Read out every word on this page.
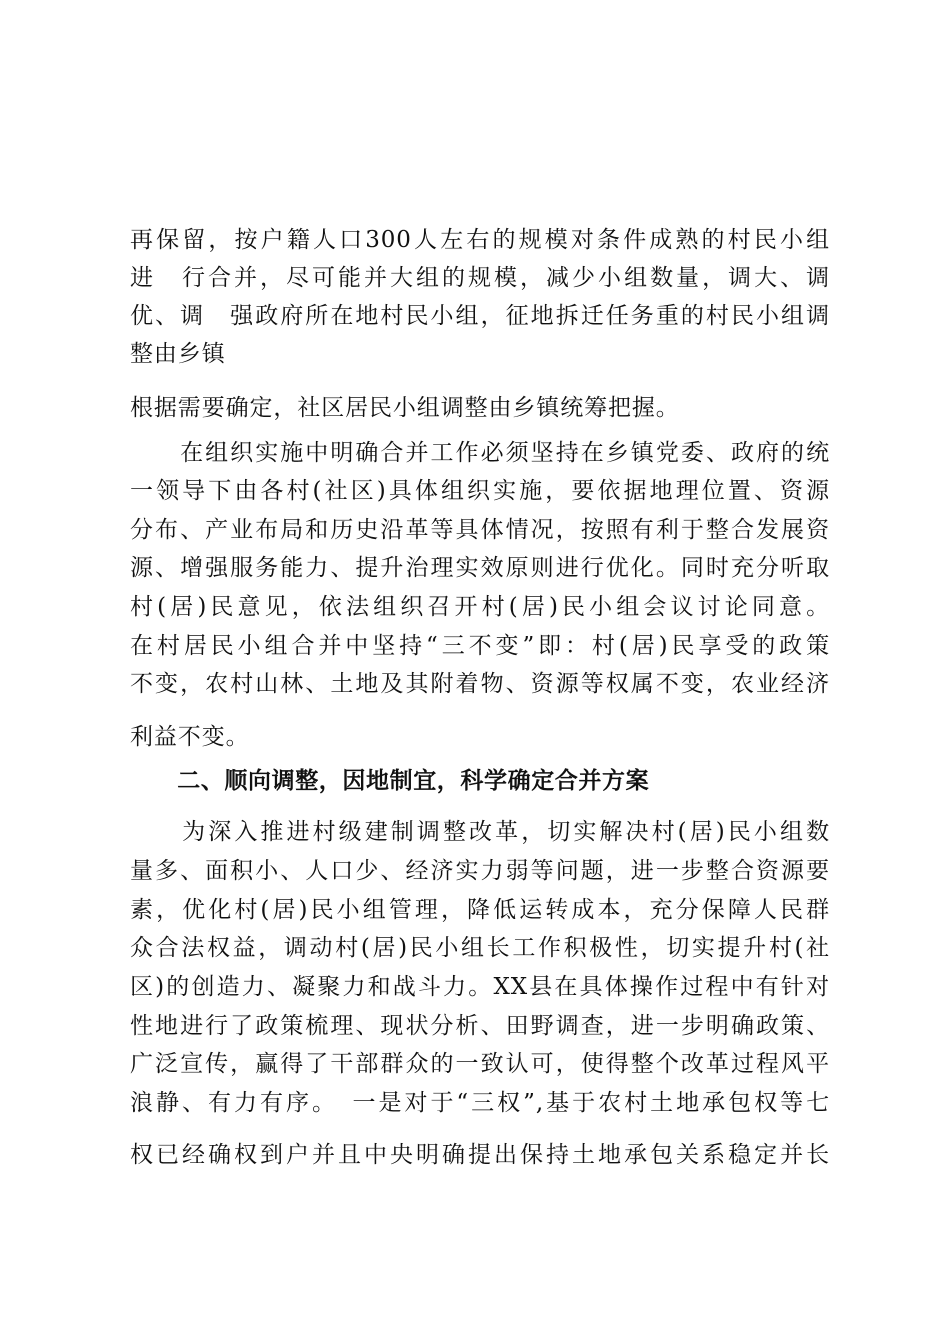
再保留，按户籍人口300人左右的规模对条件成熟的村民小组
进　行合并，尽可能并大组的规模，减少小组数量，调大、调
优、调　强政府所在地村民小组，征地拆迁任务重的村民小组调
整由乡镇
根据需要确定，社区居民小组调整由乡镇统筹把握。
　　在组织实施中明确合并工作必须坚持在乡镇党委、政府的统
一领导下由各村(社区)具体组织实施，要依据地理位置、资源
分布、产业布局和历史沿革等具体情况，按照有利于整合发展资
源、增强服务能力、提升治理实效原则进行优化。同时充分听取
村(居)民意见，依法组织召开村(居)民小组会议讨论同意。
在村居民小组合并中坚持“三不变”即：村(居)民享受的政策
不变，农村山林、土地及其附着物、资源等权属不变，农业经济
利益不变。
　　二、顺向调整，因地制宜，科学确定合并方案
　　为深入推进村级建制调整改革，切实解决村(居)民小组数
量多、面积小、人口少、经济实力弱等问题，进一步整合资源要
素，优化村(居)民小组管理，降低运转成本，充分保障人民群
众合法权益，调动村(居)民小组长工作积极性，切实提升村(社
区)的创造力、凝聚力和战斗力。XX县在具体操作过程中有针对
性地进行了政策梳理、现状分析、田野调查，进一步明确政策、
广泛宣传，赢得了干部群众的一致认可，使得整个改革过程风平
浪静、有力有序。　一是对于“三权”,基于农村土地承包权等七
权已经确权到户并且中央明确提出保持土地承包关系稳定并长
